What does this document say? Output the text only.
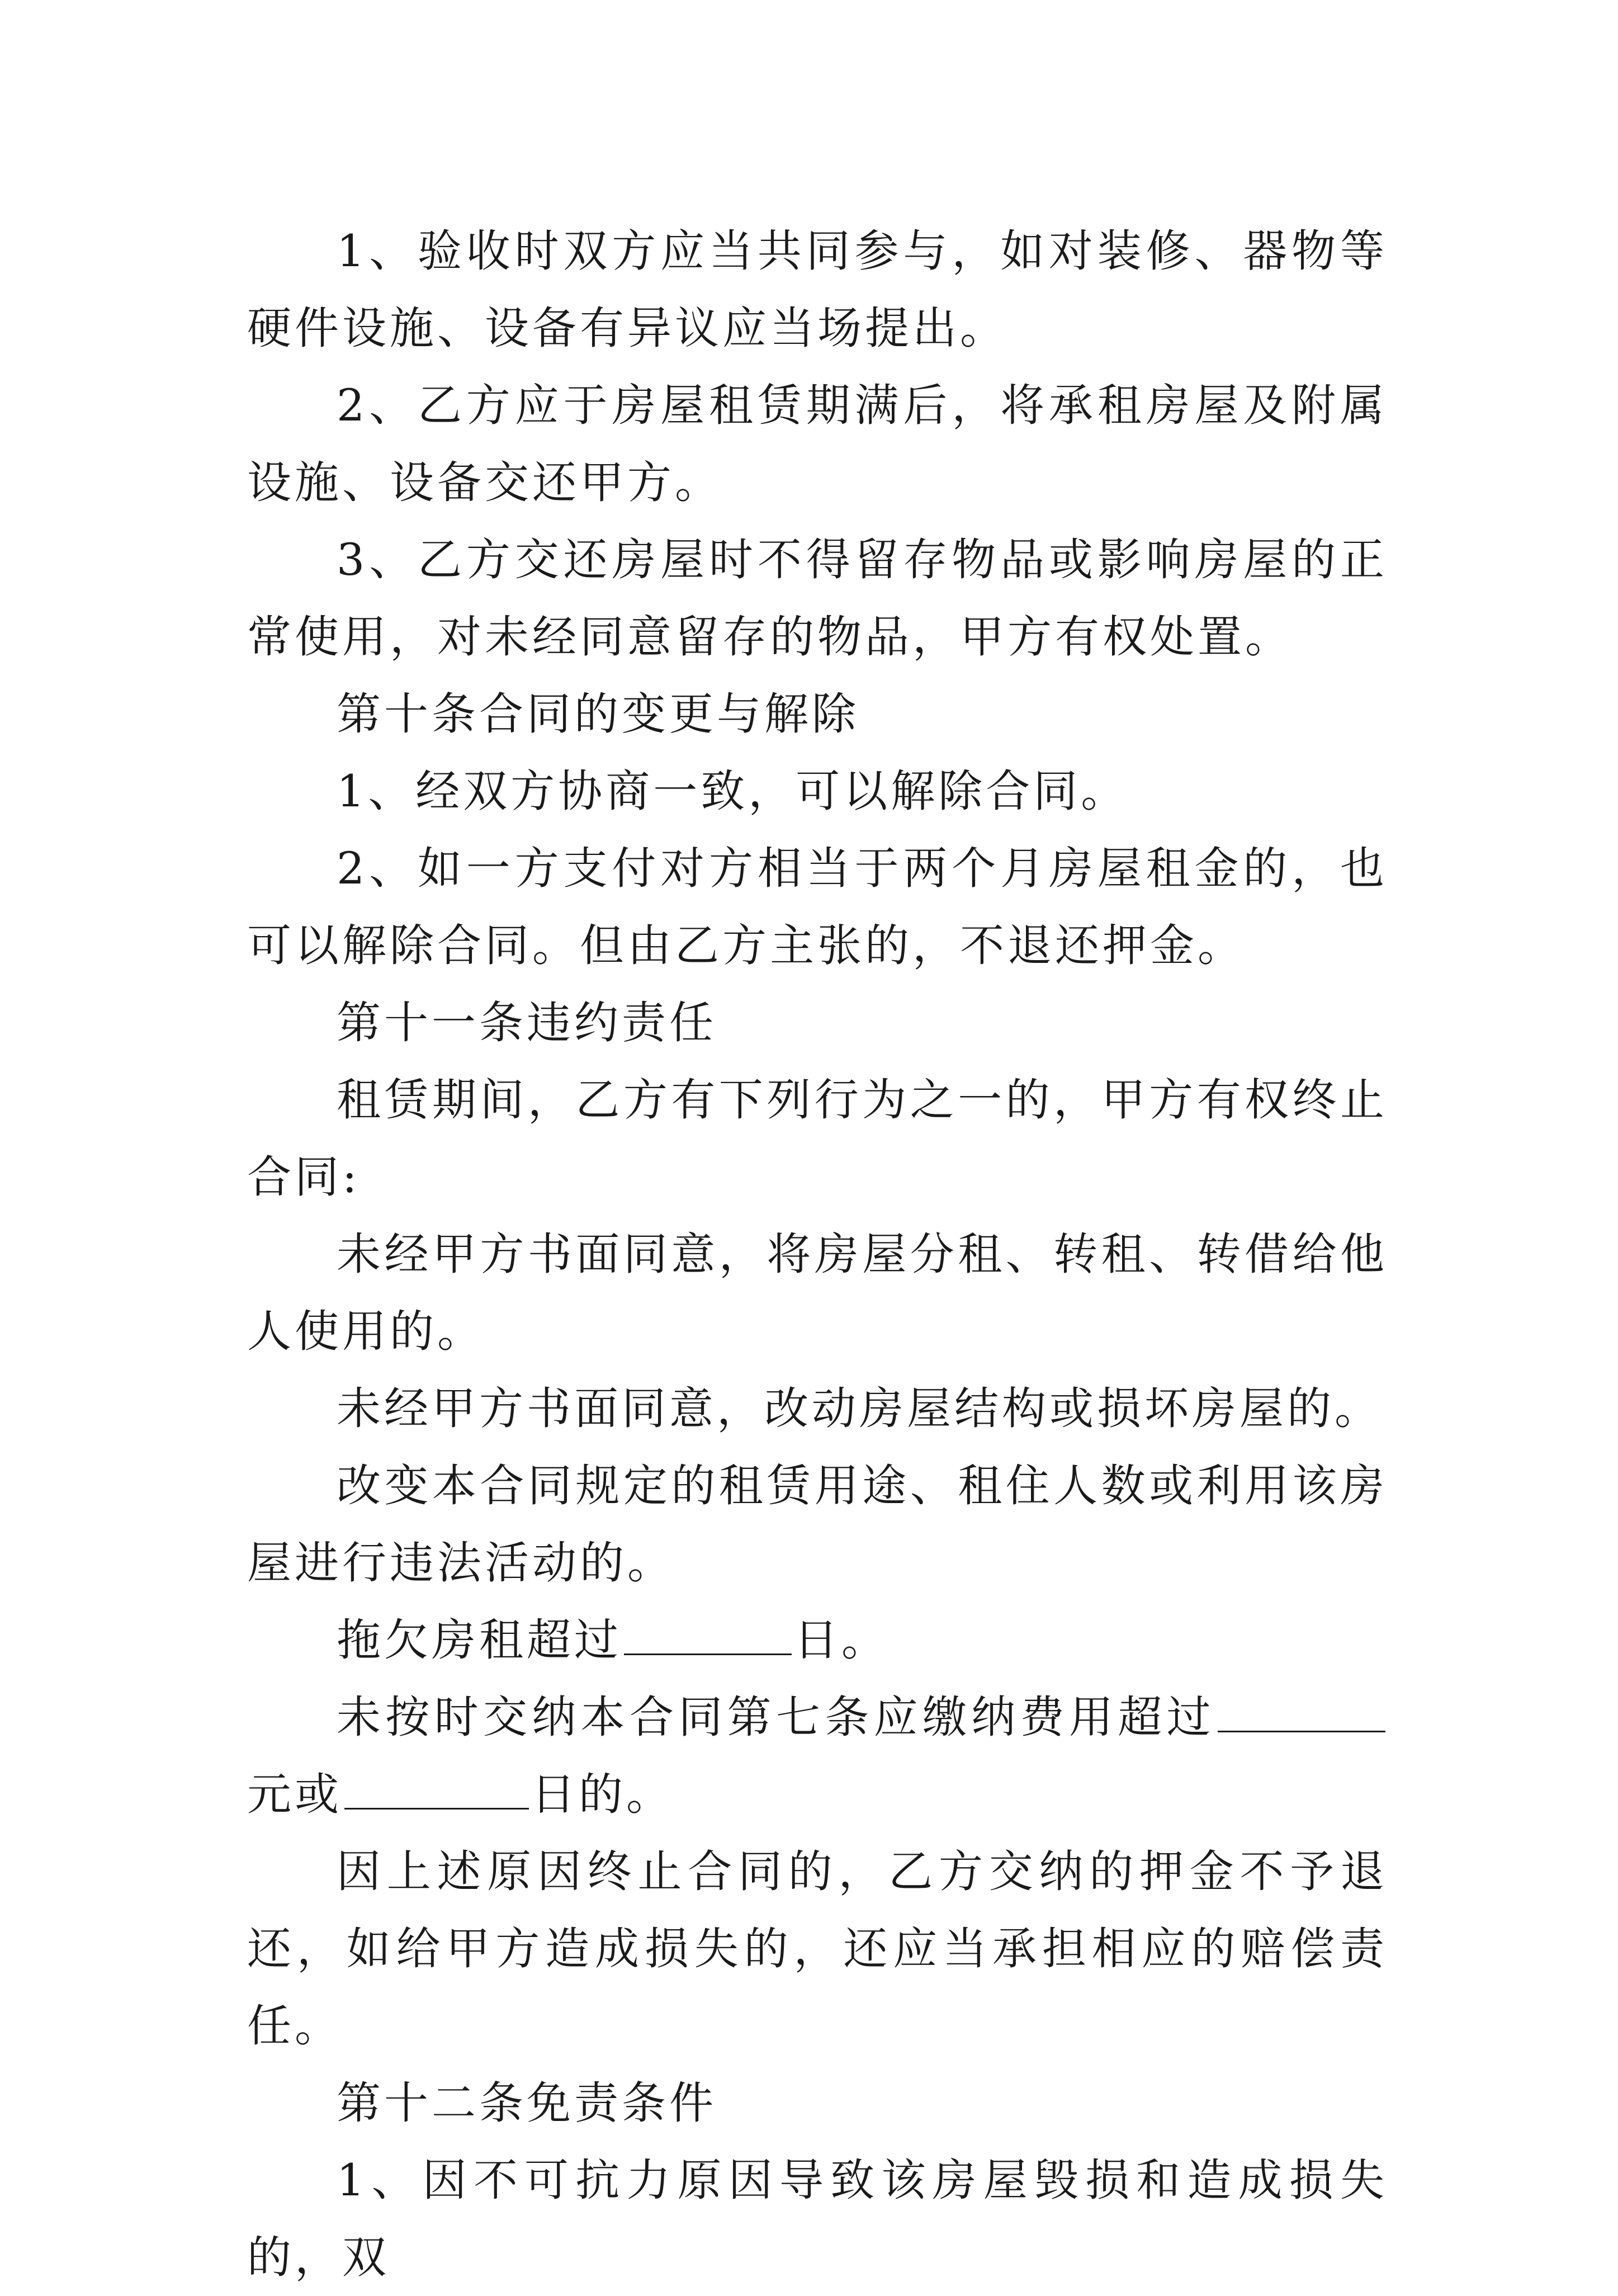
1、验收时双方应当共同参与，如对装修、器物等硬件设施、设备有异议应当场提出。

2、乙方应于房屋租赁期满后，将承租房屋及附属设施、设备交还甲方。

3、乙方交还房屋时不得留存物品或影响房屋的正常使用，对未经同意留存的物品，甲方有权处置。

第十条合同的变更与解除

1、经双方协商一致，可以解除合同。

2、如一方支付对方相当于两个月房屋租金的，也可以解除合同。但由乙方主张的，不退还押金。

第十一条违约责任

租赁期间，乙方有下列行为之一的，甲方有权终止合同:

未经甲方书面同意，将房屋分租、转租、转借给他人使用的。

未经甲方书面同意，改动房屋结构或损坏房屋的。

改变本合同规定的租赁用途、租住人数或利用该房屋进行违法活动的。

拖欠房租超过	日。

未按时交纳本合同第七条应缴纳费用超过元或	日的。

因上述原因终止合同的，乙方交纳的押金不予退还，如给甲方造成损失的，还应当承担相应的赔偿责任。

第十二条免责条件

1、因不可抗力原因导致该房屋毁损和造成损失的，双
